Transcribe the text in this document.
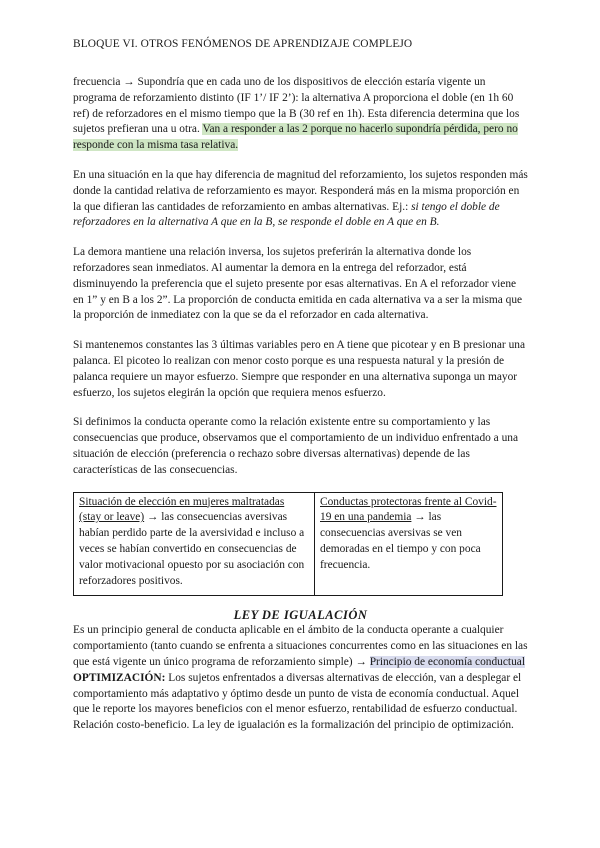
BLOQUE VI. OTROS FENÓMENOS DE APRENDIZAJE COMPLEJO

frecuencia → Supondría que en cada uno de los dispositivos de elección estaría vigente un programa de reforzamiento distinto (IF 1’/ IF 2’): la alternativa A proporciona el doble (en 1h 60 ref) de reforzadores en el mismo tiempo que la B (30 ref en 1h). Esta diferencia determina que los sujetos prefieran una u otra. Van a responder a las 2 porque no hacerlo supondría pérdida, pero no responde con la misma tasa relativa.

En una situación en la que hay diferencia de magnitud del reforzamiento, los sujetos responden más donde la cantidad relativa de reforzamiento es mayor. Responderá más en la misma proporción en la que difieran las cantidades de reforzamiento en ambas alternativas. Ej.: si tengo el doble de reforzadores en la alternativa A que en la B, se responde el doble en A que en B.

La demora mantiene una relación inversa, los sujetos preferirán la alternativa donde los reforzadores sean inmediatos. Al aumentar la demora en la entrega del reforzador, está disminuyendo la preferencia que el sujeto presente por esas alternativas. En A el reforzador viene en 1” y en B a los 2”. La proporción de conducta emitida en cada alternativa va a ser la misma que la proporción de inmediatez con la que se da el reforzador en cada alternativa.

Si mantenemos constantes las 3 últimas variables pero en A tiene que picotear y en B presionar una palanca. El picoteo lo realizan con menor costo porque es una respuesta natural y la presión de palanca requiere un mayor esfuerzo. Siempre que responder en una alternativa suponga un mayor esfuerzo, los sujetos elegirán la opción que requiera menos esfuerzo.

Si definimos la conducta operante como la relación existente entre su comportamiento y las consecuencias que produce, observamos que el comportamiento de un individuo enfrentado a una situación de elección (preferencia o rechazo sobre diversas alternativas) depende de las características de las consecuencias.

Situación de elección en mujeres maltratadas (stay or leave) → las consecuencias aversivas habían perdido parte de la aversividad e incluso a veces se habían convertido en consecuencias de valor motivacional opuesto por su asociación con reforzadores positivos.	Conductas protectoras frente al Covid-19 en una pandemia → las consecuencias aversivas se ven demoradas en el tiempo y con poca frecuencia.
LEY DE IGUALACIÓN

Es un principio general de conducta aplicable en el ámbito de la conducta operante a cualquier comportamiento (tanto cuando se enfrenta a situaciones concurrentes como en las situaciones en las que está vigente un único programa de reforzamiento simple) → Principio de economía conductual

OPTIMIZACIÓN: Los sujetos enfrentados a diversas alternativas de elección, van a desplegar el comportamiento más adaptativo y óptimo desde un punto de vista de economía conductual. Aquel que le reporte los mayores beneficios con el menor esfuerzo, rentabilidad de esfuerzo conductual. Relación costo-beneficio. La ley de igualación es la formalización del principio de optimización.
